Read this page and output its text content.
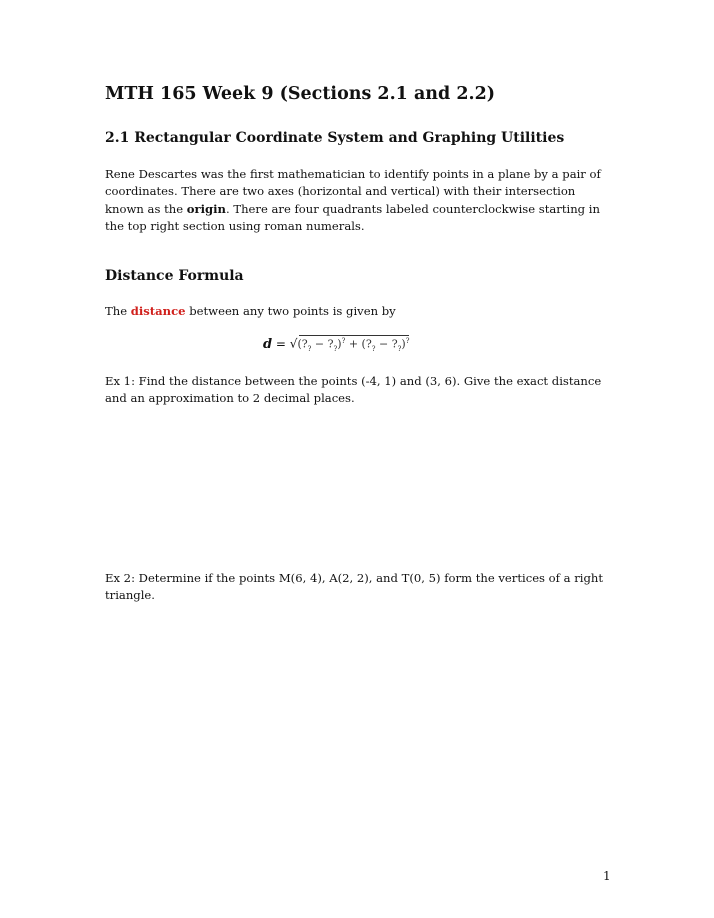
MTH 165 Week 9 (Sections 2.1 and 2.2)
2.1 Rectangular Coordinate System and Graphing Utilities

Rene Descartes was the first mathematician to identify points in a plane by a pair of coordinates. There are two axes (horizontal and vertical) with their intersection known as the origin. There are four quadrants labeled counterclockwise starting in the top right section using roman numerals.

Distance Formula

The distance between any two points is given by

$d = √(?_?$ − $?_?)^?$ + ($?_?$ − $?_?)^?$

Ex 1: Find the distance between the points (-4, 1) and (3, 6). Give the exact distance and an approximation to 2 decimal places.

Ex 2: Determine if the points M(6, 4), A(2, 2), and T(0, 5) form the vertices of a right triangle.

1
